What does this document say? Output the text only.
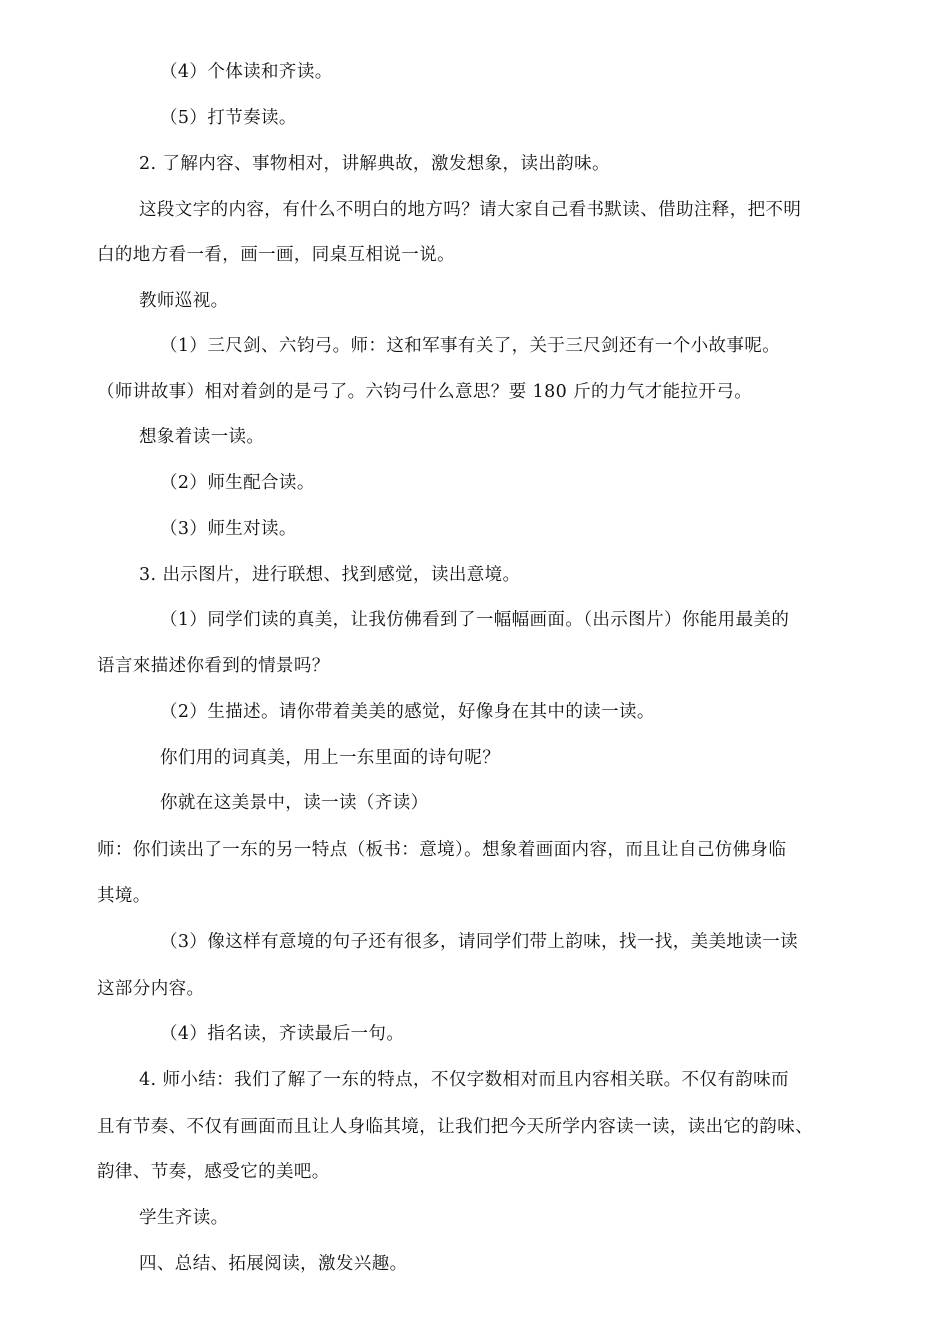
（4）个体读和齐读。
（5）打节奏读。
2. 了解内容、事物相对，讲解典故，激发想象，读出韵味。
这段文字的内容，有什么不明白的地方吗？请大家自己看书默读、借助注释，把不明
白的地方看一看，画一画，同桌互相说一说。
教师巡视。
（1）三尺剑、六钧弓。师：这和军事有关了，关于三尺剑还有一个小故事呢。
（师讲故事）相对着剑的是弓了。六钧弓什么意思？要 180 斤的力气才能拉开弓。
想象着读一读。
（2）师生配合读。
（3）师生对读。
3. 出示图片，进行联想、找到感觉，读出意境。
（1）同学们读的真美，让我仿佛看到了一幅幅画面。（出示图片）你能用最美的
语言來描述你看到的情景吗？
（2）生描述。请你带着美美的感觉，好像身在其中的读一读。
你们用的词真美，用上一东里面的诗句呢？
你就在这美景中，读一读（齐读）
师：你们读出了一东的另一特点（板书：意境）。想象着画面内容，而且让自己仿佛身临
其境。
（3）像这样有意境的句子还有很多，请同学们带上韵味，找一找，美美地读一读
这部分内容。
（4）指名读，齐读最后一句。
4. 师小结：我们了解了一东的特点，不仅字数相对而且内容相关联。不仅有韵味而
且有节奏、不仅有画面而且让人身临其境，让我们把今天所学内容读一读，读出它的韵味、
韵律、节奏，感受它的美吧。
学生齐读。
四、总结、拓展阅读，激发兴趣。
